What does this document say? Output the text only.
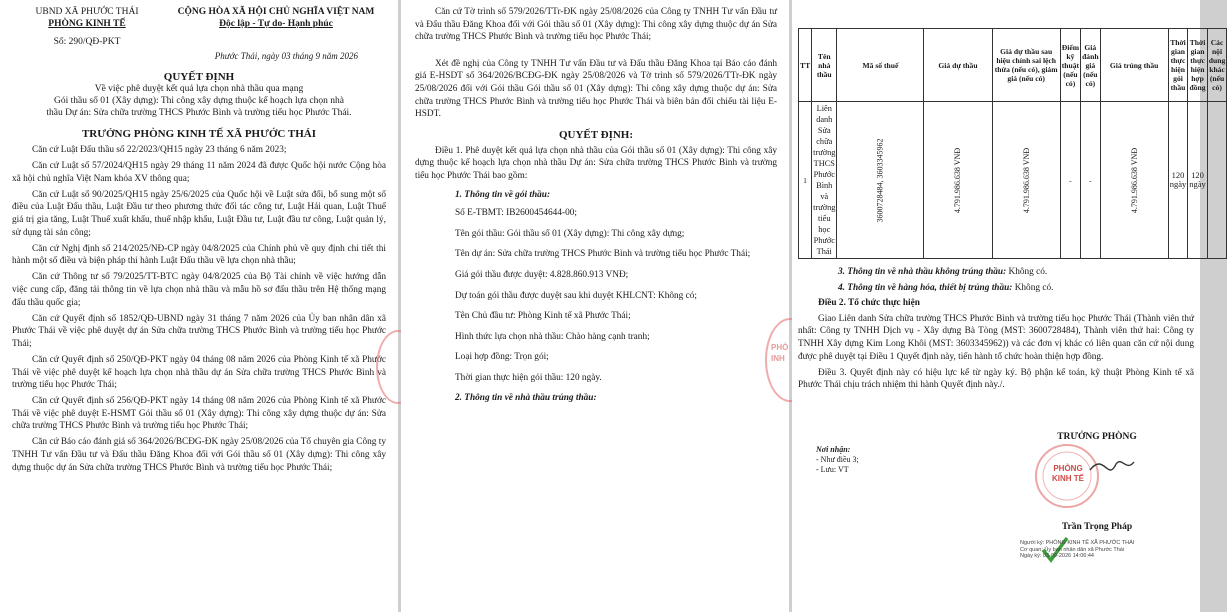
UBND XÃ PHƯỚC THÁI
PHÒNG KINH TẾ
Số: 290/QĐ-PKT
CỘNG HÒA XÃ HỘI CHỦ NGHĨA VIỆT NAM
Độc lập - Tự do- Hạnh phúc
Phước Thái, ngày 03 tháng 9 năm 2026
QUYẾT ĐỊNH
Về việc phê duyệt kết quả lựa chọn nhà thầu qua mạng
Gói thầu số 01 (Xây dựng): Thi công xây dựng thuộc kế hoạch lựa chọn nhà
thầu Dự án: Sửa chữa trường THCS Phước Bình và trường tiểu học Phước Thái.
TRƯỞNG PHÒNG KINH TẾ XÃ PHƯỚC THÁI

Căn cứ Luật Đấu thầu số 22/2023/QH15 ngày 23 tháng 6 năm 2023;

Căn cứ Luật số 57/2024/QH15 ngày 29 tháng 11 năm 2024 đã được Quốc hội nước Cộng hòa xã hội chủ nghĩa Việt Nam khóa XV thông qua;

Căn cứ Luật số 90/2025/QH15 ngày 25/6/2025 của Quốc hội về Luật sửa đổi, bổ sung một số điều của Luật Đấu thầu, Luật Đầu tư theo phương thức đối tác công tư, Luật Hải quan, Luật Thuế giá trị gia tăng, Luật Thuế xuất khẩu, thuế nhập khẩu, Luật Đầu tư, Luật đầu tư công, Luật quản lý, sử dụng tài sản công;

Căn cứ Nghị định số 214/2025/NĐ-CP ngày 04/8/2025 của Chính phủ về quy định chi tiết thi hành một số điều và biện pháp thi hành Luật Đấu thầu về lựa chọn nhà thầu;

Căn cứ Thông tư số 79/2025/TT-BTC ngày 04/8/2025 của Bộ Tài chính về việc hướng dẫn việc cung cấp, đăng tải thông tin về lựa chọn nhà thầu và mẫu hồ sơ đấu thầu trên Hệ thống mạng đấu thầu quốc gia;

Căn cứ Quyết định số 1852/QĐ-UBND ngày 31 tháng 7 năm 2026 của Ủy ban nhân dân xã Phước Thái về việc phê duyệt dự án Sửa chữa trường THCS Phước Bình và trường tiểu học Phước Thái;

Căn cứ Quyết định số 250/QĐ-PKT ngày 04 tháng 08 năm 2026 của Phòng Kinh tế xã Phước Thái về việc phê duyệt kế hoạch lựa chọn nhà thầu dự án Sửa chữa trường THCS Phước Bình và trường tiểu học Phước Thái;

Căn cứ Quyết định số 256/QĐ-PKT ngày 14 tháng 08 năm 2026 của Phòng Kinh tế xã Phước Thái về việc phê duyệt E-HSMT Gói thầu số 01 (Xây dựng): Thi công xây dựng thuộc dự án: Sửa chữa trường THCS Phước Bình và trường tiểu học Phước Thái;

Căn cứ Báo cáo đánh giá số 364/2026/BCĐG-ĐK ngày 25/08/2026 của Tổ chuyên gia Công ty TNHH Tư vấn Đầu tư và Đấu thầu Đăng Khoa đối với Gói thầu số 01 (Xây dựng): Thi công xây dựng thuộc dự án Sửa chữa trường THCS Phước Bình và trường tiểu học Phước Thái;

Căn cứ Tờ trình số 579/2026/TTr-ĐK ngày 25/08/2026 của Công ty TNHH Tư vấn Đầu tư và Đấu thầu Đăng Khoa đối với Gói thầu số 01 (Xây dựng): Thi công xây dựng thuộc dự án Sửa chữa trường THCS Phước Bình và trường tiểu học Phước Thái;

Xét đề nghị của Công ty TNHH Tư vấn Đầu tư và Đấu thầu Đăng Khoa tại Báo cáo đánh giá E-HSDT số 364/2026/BCĐG-ĐK ngày 25/08/2026 và Tờ trình số 579/2026/TTr-ĐK ngày 25/08/2026 đối với Gói thầu Gói thầu số 01 (Xây dựng): Thi công xây dựng thuộc dự án: Sửa chữa trường THCS Phước Bình và trường tiểu học Phước Thái và biên bản đối chiếu tài liệu E-HSDT.

QUYẾT ĐỊNH:

Điều 1. Phê duyệt kết quả lựa chọn nhà thầu của Gói thầu số 01 (Xây dựng): Thi công xây dựng thuộc kế hoạch lựa chọn nhà thầu Dự án: Sửa chữa trường THCS Phước Bình và trường tiểu học Phước Thái bao gồm:

1. Thông tin về gói thầu:

Số E-TBMT: IB2600454644-00;

Tên gói thầu: Gói thầu số 01 (Xây dựng): Thi công xây dựng;

Tên dự án: Sửa chữa trường THCS Phước Bình và trường tiểu học Phước Thái;

Giá gói thầu được duyệt: 4.828.860.913 VNĐ;

Dự toán gói thầu được duyệt sau khi duyệt KHLCNT: Không có;

Tên Chủ đầu tư: Phòng Kinh tế xã Phước Thái;

Hình thức lựa chọn nhà thầu: Chào hàng cạnh tranh;

Loại hợp đồng: Trọn gói;

Thời gian thực hiện gói thầu: 120 ngày.

2. Thông tin về nhà thầu trúng thầu:

PHÒ
INH
TT	Tên nhà thầu	Mã số thuế	Giá dự thầu	Giá dự thầu sau hiệu chỉnh sai lệch thừa (nếu có), giảm giá (nếu có)	Điểm kỹ thuật (nếu có)	Giá đánh giá (nếu có)	Giá trúng thầu	Thời gian thực hiện gói thầu	Thời gian thực hiện hợp đồng	Các nội dung khác (nếu có)
1	Liên danh Sửa chữa trường THCS Phước Bình và trường tiểu học Phước Thái	3600728484, 3603345962	4.791.986.638 VNĐ	4.791.986.638 VNĐ	-	-	4.791.986.638 VNĐ	120 ngày	120 ngày	

3. Thông tin về nhà thầu không trúng thầu: Không có.

4. Thông tin về hàng hóa, thiết bị trúng thầu: Không có.

Điều 2. Tổ chức thực hiện

Giao Liên danh Sửa chữa trường THCS Phước Bình và trường tiểu học Phước Thái (Thành viên thứ nhất: Công ty TNHH Dịch vụ - Xây dựng Bà Tòng (MST: 3600728484), Thành viên thứ hai: Công ty TNHH Xây dựng Kim Long Khôi (MST: 3603345962)) và các đơn vị khác có liên quan căn cứ nội dung được phê duyệt tại Điều 1 Quyết định này, tiến hành tổ chức hoàn thiện hợp đồng.

Điều 3. Quyết định này có hiệu lực kể từ ngày ký. Bộ phận kế toán, kỹ thuật Phòng Kinh tế xã Phước Thái chịu trách nhiệm thi hành Quyết định này./.

Nơi nhận:
- Như điều 3;
- Lưu: VT
TRƯỞNG PHÒNG
PHÒNG
KINH TẾ
Trần Trọng Pháp
Người ký: PHÒNG KINH TẾ XÃ PHƯỚC THÁI
Cơ quan: Ủy ban nhân dân xã Phước Thái
Ngày ký: 03-09-2026 14:06:44
